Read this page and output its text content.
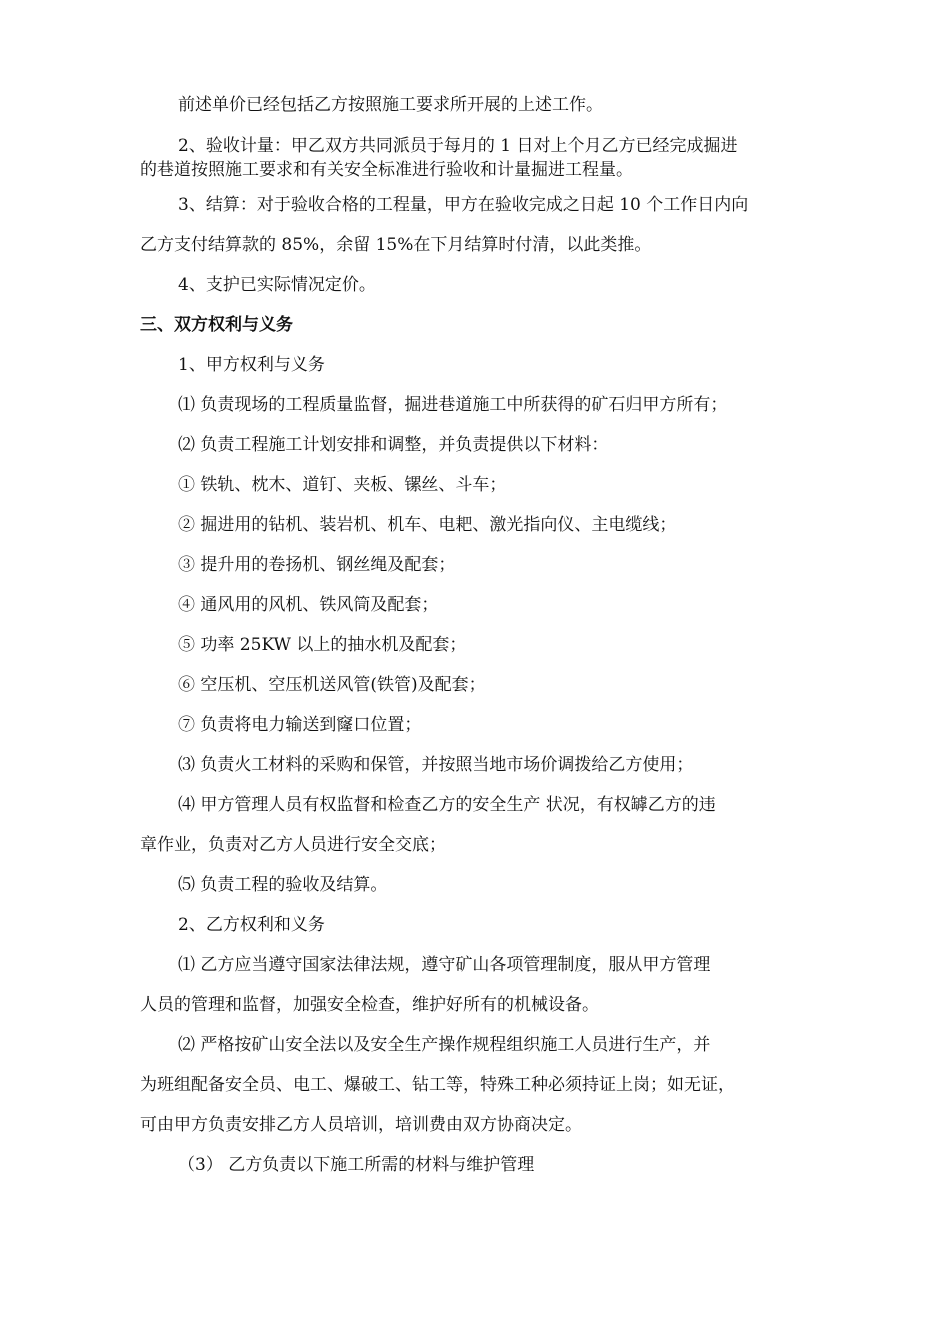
前述单价已经包括乙方按照施工要求所开展的上述工作。
2、验收计量：甲乙双方共同派员于每月的 1 日对上个月乙方已经完成掘进
的巷道按照施工要求和有关安全标准进行验收和计量掘进工程量。
3、结算：对于验收合格的工程量，甲方在验收完成之日起 10 个工作日内向
乙方支付结算款的 85%，余留 15%在下月结算时付清，以此类推。
4、支护已实际情况定价。
三、双方权利与义务
1、甲方权利与义务
⑴ 负责现场的工程质量监督，掘进巷道施工中所获得的矿石归甲方所有；
⑵ 负责工程施工计划安排和调整，并负责提供以下材料：
① 铁轨、枕木、道钉、夹板、镙丝、斗车；
② 掘进用的钻机、装岩机、机车、电耙、激光指向仪、主电缆线；
③ 提升用的卷扬机、钢丝绳及配套；
④ 通风用的风机、铁风筒及配套；
⑤ 功率 25KW 以上的抽水机及配套；
⑥ 空压机、空压机送风管(铁管)及配套；
⑦ 负责将电力输送到窿口位置；
⑶ 负责火工材料的采购和保管，并按照当地市场价调拨给乙方使用；
⑷ 甲方管理人员有权监督和检查乙方的安全生产 状况，有权罅乙方的违
章作业，负责对乙方人员进行安全交底；
⑸ 负责工程的验收及结算。
2、乙方权利和义务
⑴ 乙方应当遵守国家法律法规，遵守矿山各项管理制度，服从甲方管理
人员的管理和监督，加强安全检查，维护好所有的机械设备。
⑵ 严格按矿山安全法以及安全生产操作规程组织施工人员进行生产，并
为班组配备安全员、电工、爆破工、钻工等，特殊工种必须持证上岗；如无证，
可由甲方负责安排乙方人员培训，培训费由双方协商决定。
（3） 乙方负责以下施工所需的材料与维护管理
